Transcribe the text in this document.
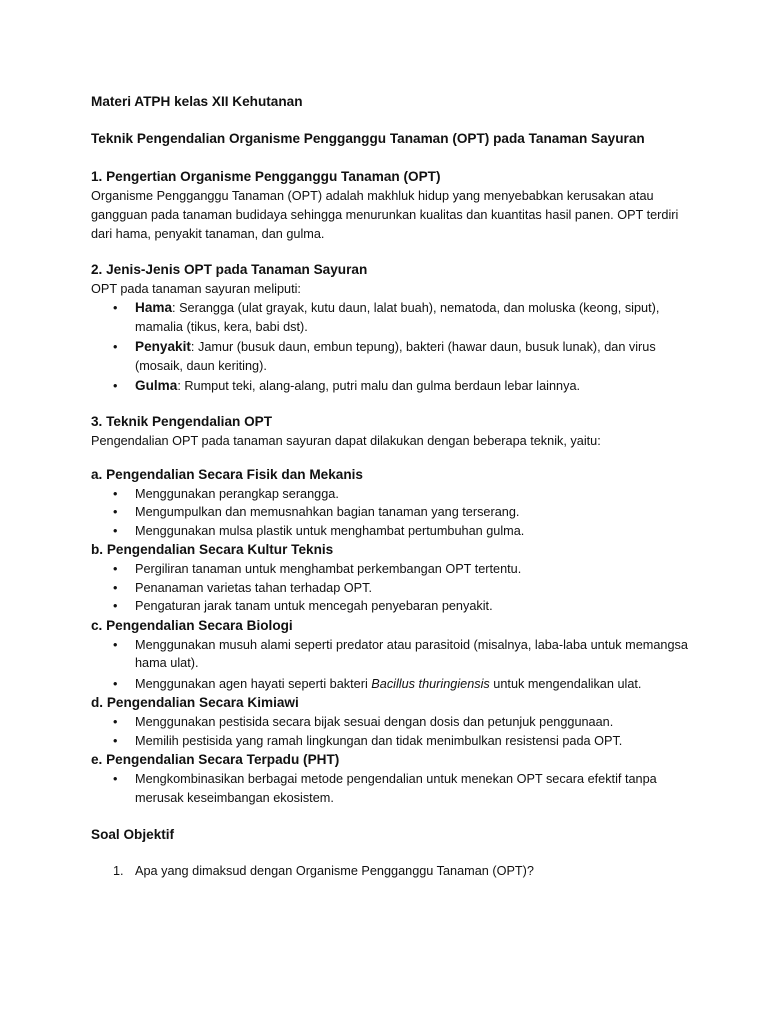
Materi ATPH kelas XII Kehutanan

Teknik Pengendalian Organisme Pengganggu Tanaman (OPT) pada Tanaman Sayuran

1. Pengertian Organisme Pengganggu Tanaman (OPT)

Organisme Pengganggu Tanaman (OPT) adalah makhluk hidup yang menyebabkan kerusakan atau gangguan pada tanaman budidaya sehingga menurunkan kualitas dan kuantitas hasil panen. OPT terdiri dari hama, penyakit tanaman, dan gulma.

2. Jenis-Jenis OPT pada Tanaman Sayuran

OPT pada tanaman sayuran meliputi:

• Hama: Serangga (ulat grayak, kutu daun, lalat buah), nematoda, dan moluska (keong, siput), mamalia (tikus, kera, babi dst).
• Penyakit: Jamur (busuk daun, embun tepung), bakteri (hawar daun, busuk lunak), dan virus (mosaik, daun keriting).
• Gulma: Rumput teki, alang-alang, putri malu dan gulma berdaun lebar lainnya.

3. Teknik Pengendalian OPT

Pengendalian OPT pada tanaman sayuran dapat dilakukan dengan beberapa teknik, yaitu:

a. Pengendalian Secara Fisik dan Mekanis

• Menggunakan perangkap serangga.
• Mengumpulkan dan memusnahkan bagian tanaman yang terserang.
• Menggunakan mulsa plastik untuk menghambat pertumbuhan gulma.

b. Pengendalian Secara Kultur Teknis

• Pergiliran tanaman untuk menghambat perkembangan OPT tertentu.
• Penanaman varietas tahan terhadap OPT.
• Pengaturan jarak tanam untuk mencegah penyebaran penyakit.

c. Pengendalian Secara Biologi

• Menggunakan musuh alami seperti predator atau parasitoid (misalnya, laba-laba untuk memangsa hama ulat).
• Menggunakan agen hayati seperti bakteri Bacillus thuringiensis untuk mengendalikan ulat.

d. Pengendalian Secara Kimiawi

• Menggunakan pestisida secara bijak sesuai dengan dosis dan petunjuk penggunaan.
• Memilih pestisida yang ramah lingkungan dan tidak menimbulkan resistensi pada OPT.

e. Pengendalian Secara Terpadu (PHT)

• Mengkombinasikan berbagai metode pengendalian untuk menekan OPT secara efektif tanpa merusak keseimbangan ekosistem.

Soal Objektif

1. Apa yang dimaksud dengan Organisme Pengganggu Tanaman (OPT)?
